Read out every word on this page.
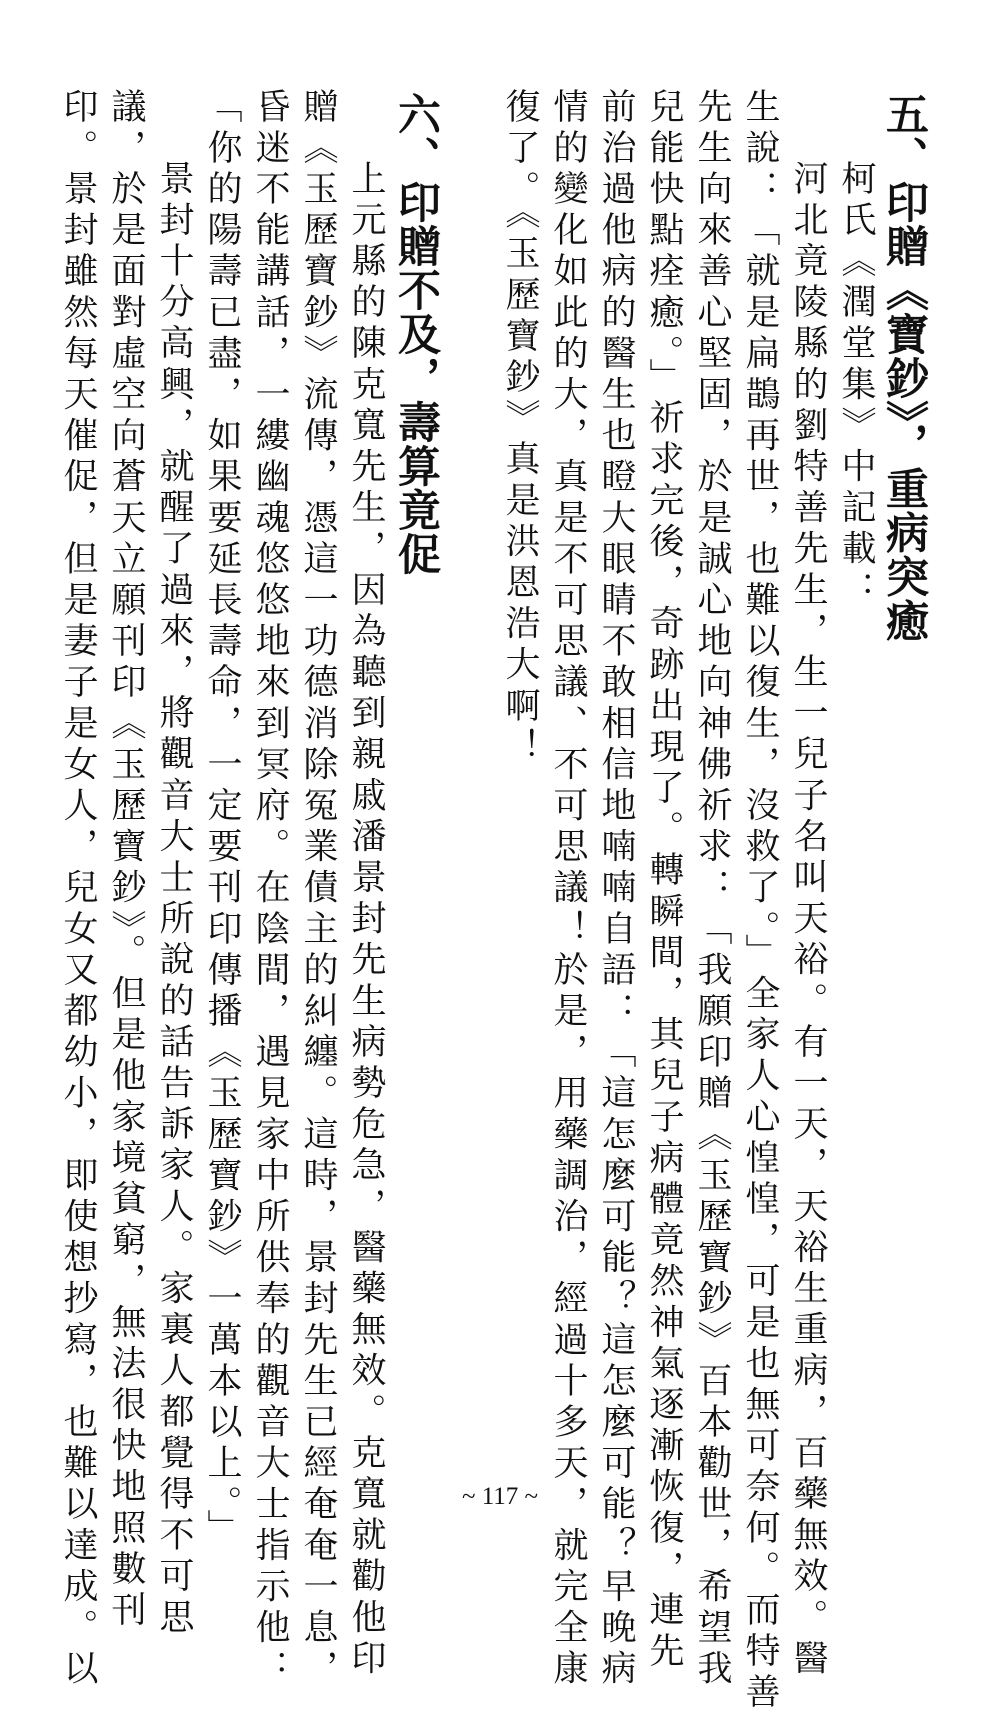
五、印贈《寶鈔》，重病突癒
柯氏《潤堂集》中記載：
河北竟陵縣的劉特善先生，生一兒子名叫天裕。有一天，天裕生重病，百藥無效。醫
生說：「就是扁鵲再世，也難以復生，沒救了。」全家人心惶惶，可是也無可奈何。而特善
先生向來善心堅固，於是誠心地向神佛祈求：「我願印贈《玉歷寶鈔》百本勸世，希望我
兒能快點痊癒。」祈求完後，奇跡出現了。轉瞬間，其兒子病體竟然神氣逐漸恢復，連先
前治過他病的醫生也瞪大眼睛不敢相信地喃喃自語：「這怎麼可能？這怎麼可能？早晚病
情的變化如此的大，真是不可思議、不可思議！於是，用藥調治，經過十多天，就完全康
復了。《玉歷寶鈔》真是洪恩浩大啊！
六、印贈不及，壽算竟促
上元縣的陳克寬先生，因為聽到親戚潘景封先生病勢危急，醫藥無效。克寬就勸他印
贈《玉歷寶鈔》流傳，憑這一功德消除冤業債主的糾纏。這時，景封先生已經奄奄一息，
昏迷不能講話，一縷幽魂悠悠地來到冥府。在陰間，遇見家中所供奉的觀音大士指示他：
「你的陽壽已盡，如果要延長壽命，一定要刊印傳播《玉歷寶鈔》一萬本以上。」
景封十分高興，就醒了過來，將觀音大士所說的話告訴家人。家裏人都覺得不可思
議，於是面對虛空向蒼天立願刊印《玉歷寶鈔》。但是他家境貧窮，無法很快地照數刊
印。景封雖然每天催促，但是妻子是女人，兒女又都幼小，即使想抄寫，也難以達成。以	~ 117 ~
